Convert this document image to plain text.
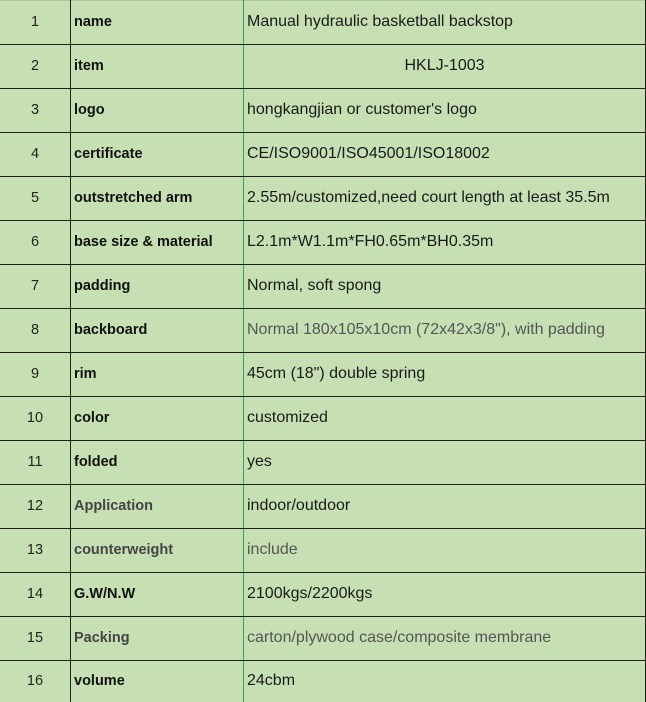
1	name	Manual hydraulic basketball backstop
2	item	HKLJ-1003
3	logo	hongkangjian or customer's logo
4	certificate	CE/ISO9001/ISO45001/ISO18002
5	outstretched arm	2.55m/customized,need court length at least 35.5m
6	base size & material	L2.1m*W1.1m*FH0.65m*BH0.35m
7	padding	Normal, soft spong
8	backboard	Normal 180x105x10cm (72x42x3/8"), with padding
9	rim	45cm (18") double spring
10	color	customized
11	folded	yes
12	Application	indoor/outdoor
13	counterweight	include
14	G.W/N.W	2100kgs/2200kgs
15	Packing	carton/plywood case/composite membrane
16	volume	24cbm
